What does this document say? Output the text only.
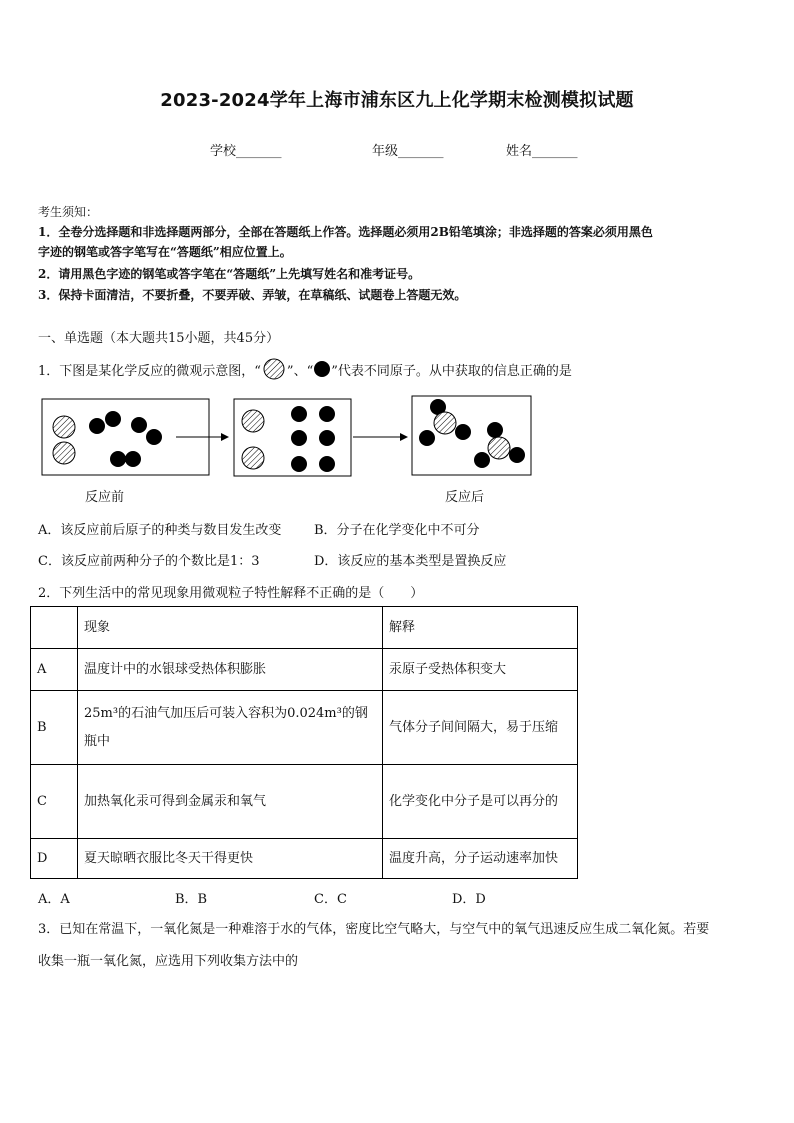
2023-2024学年上海市浦东区九上化学期末检测模拟试题
学校_______	年级_______	姓名_______
考生须知：
1．全卷分选择题和非选择题两部分，全部在答题纸上作答。选择题必须用2B铅笔填涂；非选择题的答案必须用黑色
字迹的钢笔或答字笔写在“答题纸”相应位置上。
2．请用黑色字迹的钢笔或答字笔在“答题纸”上先填写姓名和准考证号。
3．保持卡面清洁，不要折叠，不要弄破、弄皱，在草稿纸、试题卷上答题无效。
一、单选题（本大题共15小题，共45分）
1．下图是某化学反应的微观示意图，“ ”、“ ”代表不同原子。从中获取的信息正确的是
反应前	反应后
A．该反应前后原子的种类与数目发生改变	B．分子在化学变化中不可分
C．该反应前两种分子的个数比是1：3	D．该反应的基本类型是置换反应
2．下列生活中的常见现象用微观粒子特性解释不正确的是（　　）
	现象	解释
A	温度计中的水银球受热体积膨胀	汞原子受热体积变大
B	25m³的石油气加压后可装入容积为0.024m³的钢瓶中	气体分子间间隔大，易于压缩
C	加热氧化汞可得到金属汞和氧气	化学变化中分子是可以再分的
D	夏天晾晒衣服比冬天干得更快	温度升高，分子运动速率加快
A．A	B．B	C．C	D．D
3．已知在常温下，一氧化氮是一种难溶于水的气体，密度比空气略大，与空气中的氧气迅速反应生成二氧化氮。若要
收集一瓶一氧化氮，应选用下列收集方法中的
